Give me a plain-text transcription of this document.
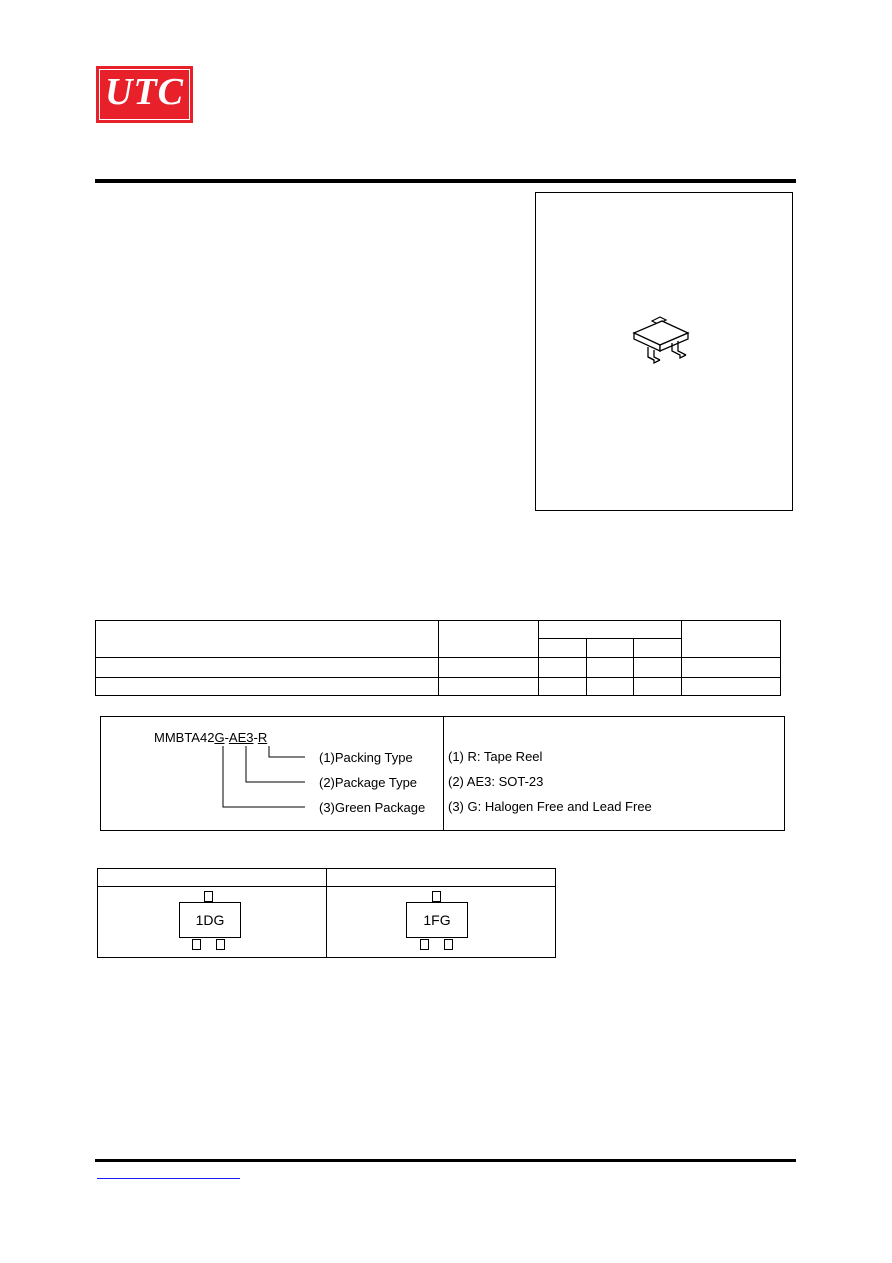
UTC

MMBTA42G-AE3-R
(1)Packing Type
(2)Package Type
(3)Green Package
(1) R: Tape Reel
(2) AE3: SOT-23
(3) G: Halogen Free and Lead Free
1DG	1FG
